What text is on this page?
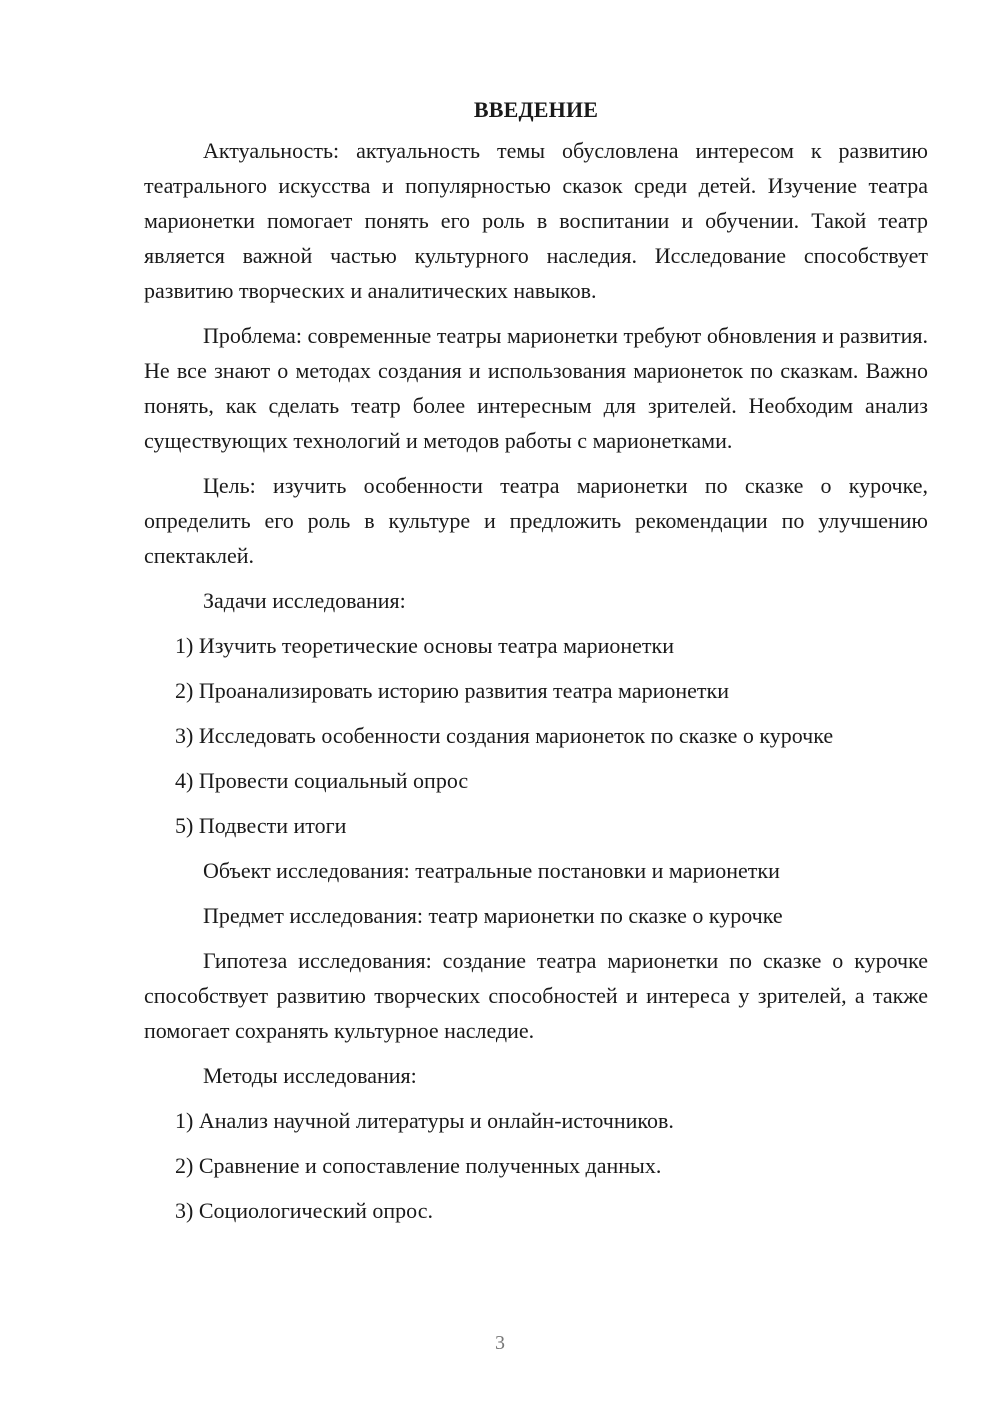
ВВЕДЕНИЕ

Актуальность: актуальность темы обусловлена интересом к развитию театрального искусства и популярностью сказок среди детей. Изучение театра марионетки помогает понять его роль в воспитании и обучении. Такой театр является важной частью культурного наследия. Исследование способствует развитию творческих и аналитических навыков.

Проблема: современные театры марионетки требуют обновления и развития. Не все знают о методах создания и использования марионеток по сказкам. Важно понять, как сделать театр более интересным для зрителей. Необходим анализ существующих технологий и методов работы с марионетками.

Цель: изучить особенности театра марионетки по сказке о курочке, определить его роль в культуре и предложить рекомендации по улучшению спектаклей.

Задачи исследования:

1) Изучить теоретические основы театра марионетки
2) Проанализировать историю развития театра марионетки
3) Исследовать особенности создания марионеток по сказке о курочке
4) Провести социальный опрос
5) Подвести итоги

Объект исследования: театральные постановки и марионетки

Предмет исследования: театр марионетки по сказке о курочке

Гипотеза исследования: создание театра марионетки по сказке о курочке способствует развитию творческих способностей и интереса у зрителей, а также помогает сохранять культурное наследие.

Методы исследования:

1) Анализ научной литературы и онлайн-источников.
2) Сравнение и сопоставление полученных данных.
3) Социологический опрос.
3
